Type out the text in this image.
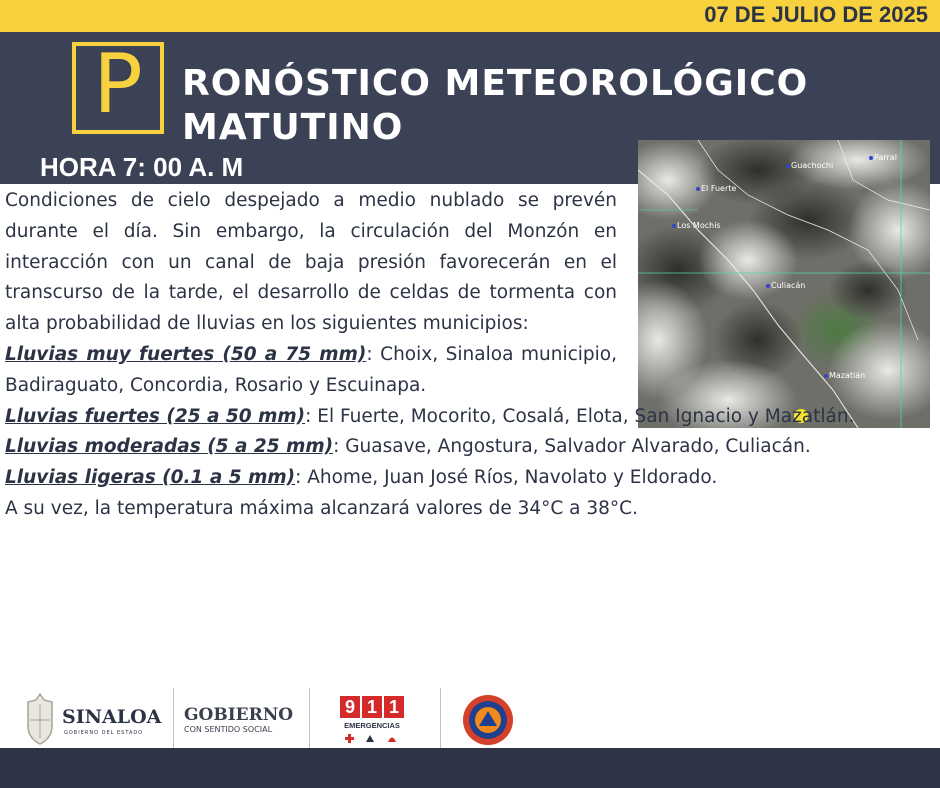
07 DE JULIO DE 2025
P	RONÓSTICO METEOROLÓGICO
MATUTINO
HORA 7: 00 A. M	Guachochi
Parral
El Fuerte
Los Mochis
Culiacán
Mazatlán

Condiciones de cielo despejado a medio nublado se prevén durante el día. Sin embargo, la circulación del Monzón en interacción con un canal de baja presión favorecerán en el transcurso de la tarde, el desarrollo de celdas de tormenta con alta probabilidad de lluvias en los siguientes municipios:

Lluvias muy fuertes (50 a 75 mm): Choix, Sinaloa municipio, Badiraguato, Concordia, Rosario y Escuinapa.

Lluvias fuertes (25 a 50 mm): El Fuerte, Mocorito, Cosalá, Elota, San Ignacio y Mazatlán.

Lluvias moderadas (5 a 25 mm): Guasave, Angostura, Salvador Alvarado, Culiacán.

Lluvias ligeras (0.1 a 5 mm): Ahome, Juan José Ríos, Navolato y Eldorado.

A su vez, la temperatura máxima alcanzará valores de 34°C a 38°C.

SINALOA
GOBIERNO DEL ESTADO
GOBIERNO
CON SENTIDO SOCIAL
9 1 1
EMERGENCIAS
